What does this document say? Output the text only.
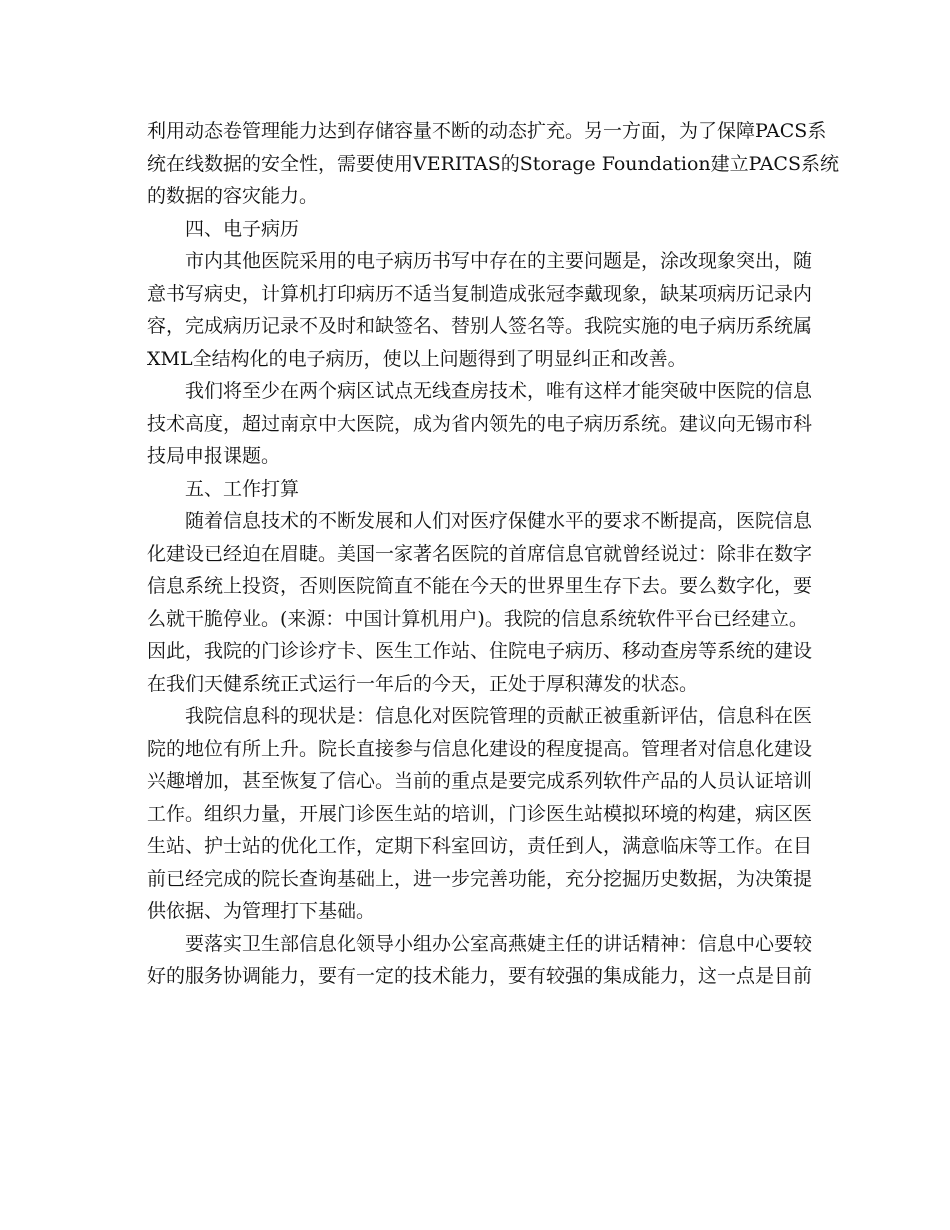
利用动态卷管理能力达到存储容量不断的动态扩充。另一方面，为了保障PACS系
统在线数据的安全性，需要使用VERITAS的Storage Foundation建立PACS系统
的数据的容灾能力。
四、电子病历
市内其他医院采用的电子病历书写中存在的主要问题是，涂改现象突出，随
意书写病史，计算机打印病历不适当复制造成张冠李戴现象，缺某项病历记录内
容，完成病历记录不及时和缺签名、替别人签名等。我院实施的电子病历系统属
XML全结构化的电子病历，使以上问题得到了明显纠正和改善。
我们将至少在两个病区试点无线查房技术，唯有这样才能突破中医院的信息
技术高度，超过南京中大医院，成为省内领先的电子病历系统。建议向无锡市科
技局申报课题。
五、工作打算
随着信息技术的不断发展和人们对医疗保健水平的要求不断提高，医院信息
化建设已经迫在眉睫。美国一家著名医院的首席信息官就曾经说过：除非在数字
信息系统上投资，否则医院简直不能在今天的世界里生存下去。要么数字化，要
么就干脆停业。(来源：中国计算机用户)。我院的信息系统软件平台已经建立。
因此，我院的门诊诊疗卡、医生工作站、住院电子病历、移动查房等系统的建设
在我们天健系统正式运行一年后的今天，正处于厚积薄发的状态。
我院信息科的现状是：信息化对医院管理的贡献正被重新评估，信息科在医
院的地位有所上升。院长直接参与信息化建设的程度提高。管理者对信息化建设
兴趣增加，甚至恢复了信心。当前的重点是要完成系列软件产品的人员认证培训
工作。组织力量，开展门诊医生站的培训，门诊医生站模拟环境的构建，病区医
生站、护士站的优化工作，定期下科室回访，责任到人，满意临床等工作。在目
前已经完成的院长查询基础上，进一步完善功能，充分挖掘历史数据，为决策提
供依据、为管理打下基础。
要落实卫生部信息化领导小组办公室高燕婕主任的讲话精神：信息中心要较
好的服务协调能力，要有一定的技术能力，要有较强的集成能力，这一点是目前
